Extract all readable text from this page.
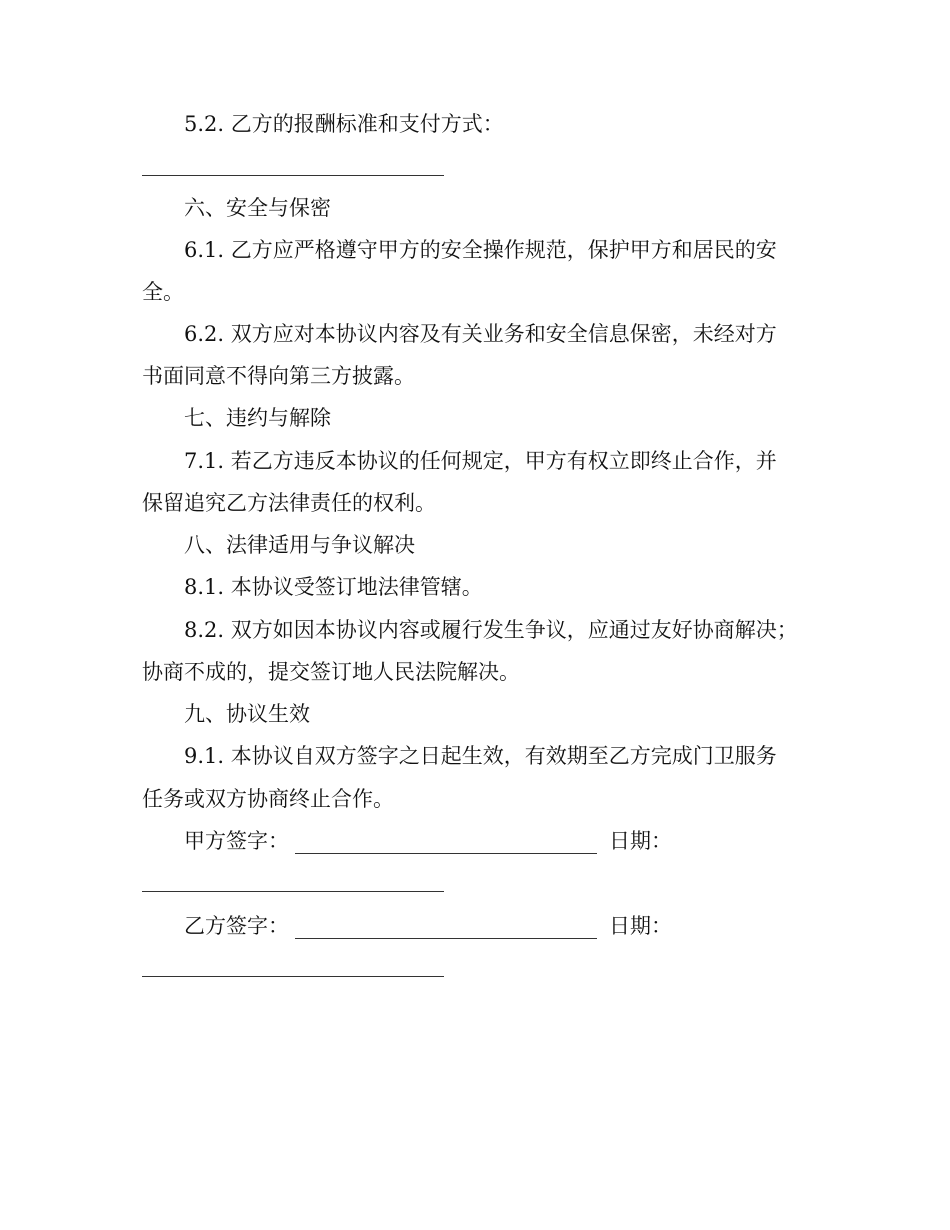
5.2. 乙方的报酬标准和支付方式：
六、安全与保密
6.1. 乙方应严格遵守甲方的安全操作规范，保护甲方和居民的安
全。
6.2. 双方应对本协议内容及有关业务和安全信息保密，未经对方
书面同意不得向第三方披露。
七、违约与解除
7.1. 若乙方违反本协议的任何规定，甲方有权立即终止合作，并
保留追究乙方法律责任的权利。
八、法律适用与争议解决
8.1. 本协议受签订地法律管辖。
8.2. 双方如因本协议内容或履行发生争议，应通过友好协商解决；
协商不成的，提交签订地人民法院解决。
九、协议生效
9.1. 本协议自双方签字之日起生效，有效期至乙方完成门卫服务
任务或双方协商终止合作。
甲方签字：	日期：
乙方签字：	日期：
